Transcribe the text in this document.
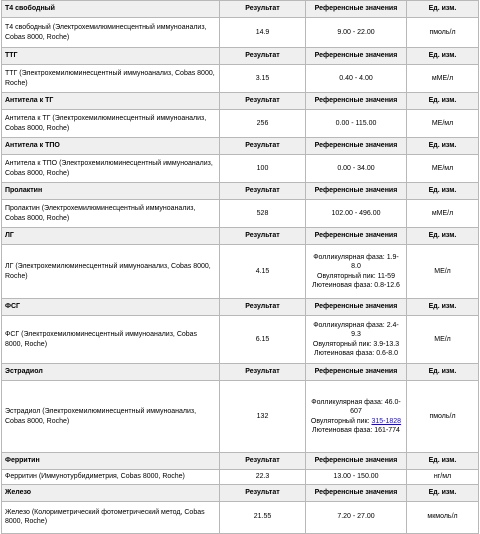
Т4 свободный	Результат	Референсные значения	Ед. изм.
Т4 свободный (Электрохемилюминесцентный иммуноанализ, Cobas 8000, Roche)	14.9	9.00 - 22.00	пмоль/л
ТТГ	Результат	Референсные значения	Ед. изм.
ТТГ (Электрохемилюминесцентный иммуноанализ, Cobas 8000, Roche)	3.15	0.40 - 4.00	мМЕ/л
Антитела к ТГ	Результат	Референсные значения	Ед. изм.
Антитела к ТГ (Электрохемилюминесцентный иммуноанализ, Cobas 8000, Roche)	256	0.00 - 115.00	МЕ/мл
Антитела к ТПО	Результат	Референсные значения	Ед. изм.
Антитела к ТПО (Электрохемилюминесцентный иммуноанализ, Cobas 8000, Roche)	100	0.00 - 34.00	МЕ/мл
Пролактин	Результат	Референсные значения	Ед. изм.
Пролактин (Электрохемилюминесцентный иммуноанализ, Cobas 8000, Roche)	528	102.00 - 496.00	мМЕ/л
ЛГ	Результат	Референсные значения	Ед. изм.
ЛГ (Электрохемилюминесцентный иммуноанализ, Cobas 8000, Roche)	4.15	Фолликулярная фаза: 1.9-8.0
Овуляторный пик: 11-59
Лютеиновая фаза: 0.8-12.6	МЕ/л
ФСГ	Результат	Референсные значения	Ед. изм.
ФСГ (Электрохемилюминесцентный иммуноанализ, Cobas 8000, Roche)	6.15	Фолликулярная фаза: 2.4-9.3
Овуляторный пик: 3.9-13.3
Лютеиновая фаза: 0.6-8.0	МЕ/л
Эстрадиол	Результат	Референсные значения	Ед. изм.
Эстрадиол (Электрохемилюминесцентный иммуноанализ, Cobas 8000, Roche)	132	Фолликулярная фаза: 46.0-607
Овуляторный пик: 315-1828
Лютеиновая фаза: 161-774	пмоль/л
Ферритин	Результат	Референсные значения	Ед. изм.
Ферритин (Иммунотурбидиметрия, Cobas 8000, Roche)	22.3	13.00 - 150.00	нг/мл
Железо	Результат	Референсные значения	Ед. изм.
Железо (Колориметрический фотометрический метод, Cobas 8000, Roche)	21.55	7.20 - 27.00	мкмоль/л
